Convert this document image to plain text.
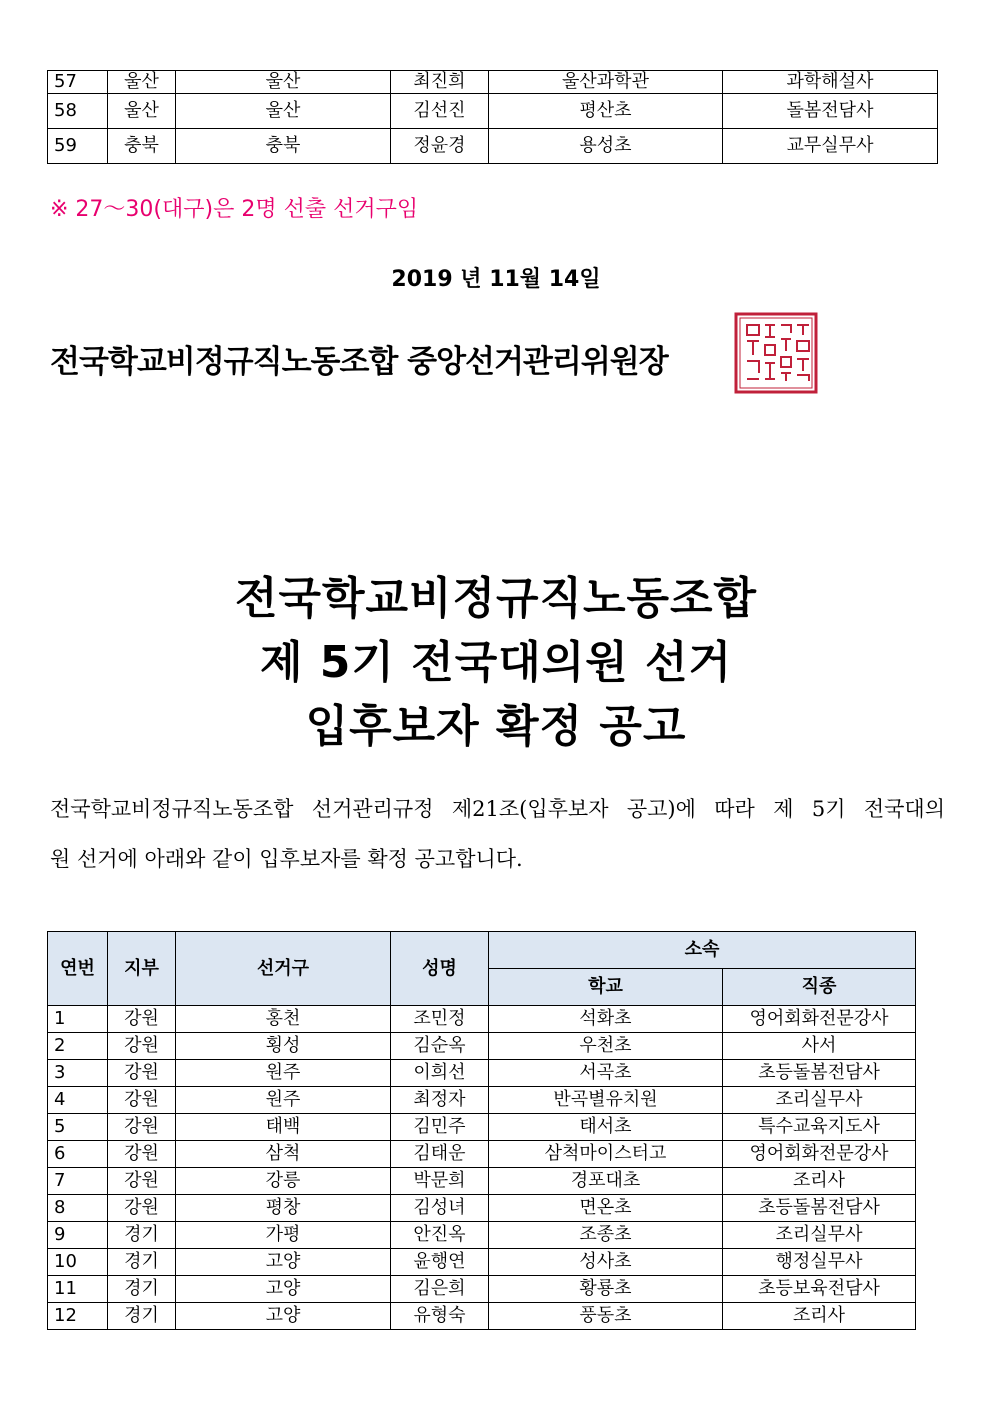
57	울산	울산	최진희	울산과학관	과학해설사
58	울산	울산	김선진	평산초	돌봄전담사
59	충북	충북	정윤경	용성초	교무실무사
※ 27～30(대구)은 2명 선출 선거구임
2019 년 11월 14일
전국학교비정규직노동조합 중앙선거관리위원장
전국학교비정규직노동조합
제 5기 전국대의원 선거
입후보자 확정 공고
전국학교비정규직노동조합 선거관리규정 제21조(입후보자 공고)에 따라 제 5기 전국대의
원 선거에 아래와 같이 입후보자를 확정 공고합니다.
연번	지부	선거구	성명	소속	
				학교	직종
1	강원	홍천	조민정	석화초	영어회화전문강사
2	강원	횡성	김순옥	우천초	사서
3	강원	원주	이희선	서곡초	초등돌봄전담사
4	강원	원주	최정자	반곡별유치원	조리실무사
5	강원	태백	김민주	태서초	특수교육지도사
6	강원	삼척	김태운	삼척마이스터고	영어회화전문강사
7	강원	강릉	박문희	경포대초	조리사
8	강원	평창	김성녀	면온초	초등돌봄전담사
9	경기	가평	안진옥	조종초	조리실무사
10	경기	고양	윤행연	성사초	행정실무사
11	경기	고양	김은희	황룡초	초등보육전담사
12	경기	고양	유형숙	풍동초	조리사
